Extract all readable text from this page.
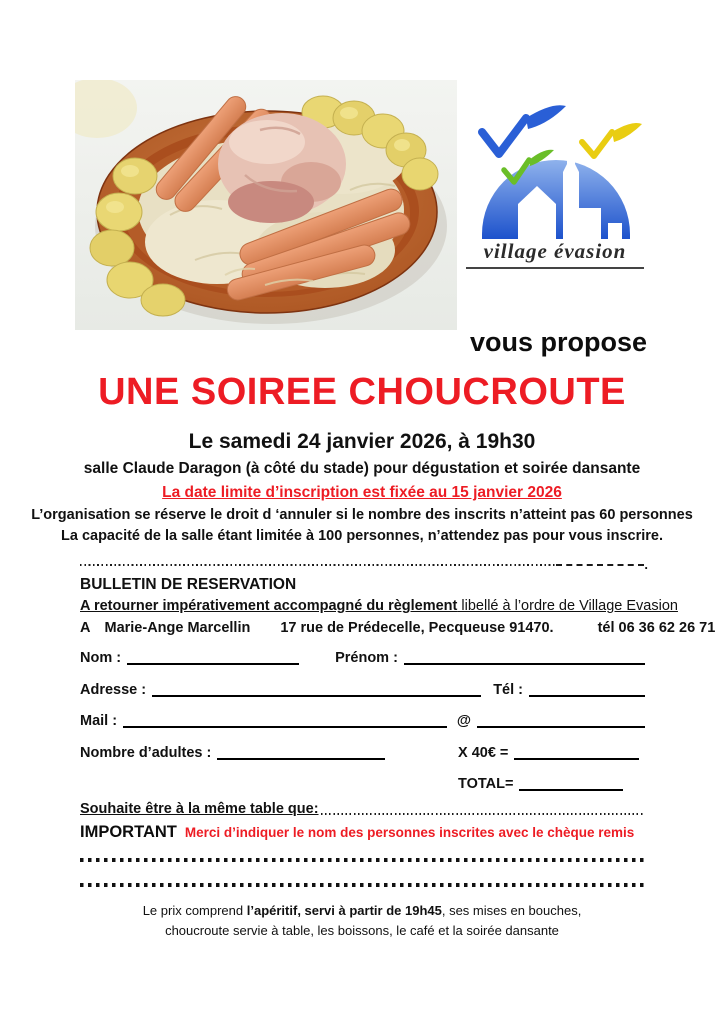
village évasion
vous propose
UNE SOIREE CHOUCROUTE
Le samedi 24 janvier 2026, à 19h30
salle Claude Daragon (à côté du stade) pour dégustation et soirée dansante
La date limite d’inscription est fixée au 15 janvier 2026
L’organisation se réserve le droit d ‘annuler si le nombre des inscrits n’atteint pas 60 personnes
La capacité de la salle étant limitée à 100 personnes, n’attendez pas pour vous inscrire.
.
BULLETIN DE RESERVATION
A retourner impérativement accompagné du règlement libellé à l’ordre de Village Evasion
A Marie-Ange Marcellin 17 rue de Prédecelle, Pecqueuse 91470.	tél 06 36 62 26 71
Nom :	Prénom :
Adresse :	Tél :
Mail :	@
Nombre d’adultes :	X 40€ =
TOTAL=
Souhaite être à la même table que:
IMPORTANT Merci d’indiquer le nom des personnes inscrites avec le chèque remis
Le prix comprend l’apéritif, servi à partir de 19h45, ses mises en bouches,
choucroute servie à table, les boissons, le café et la soirée dansante
